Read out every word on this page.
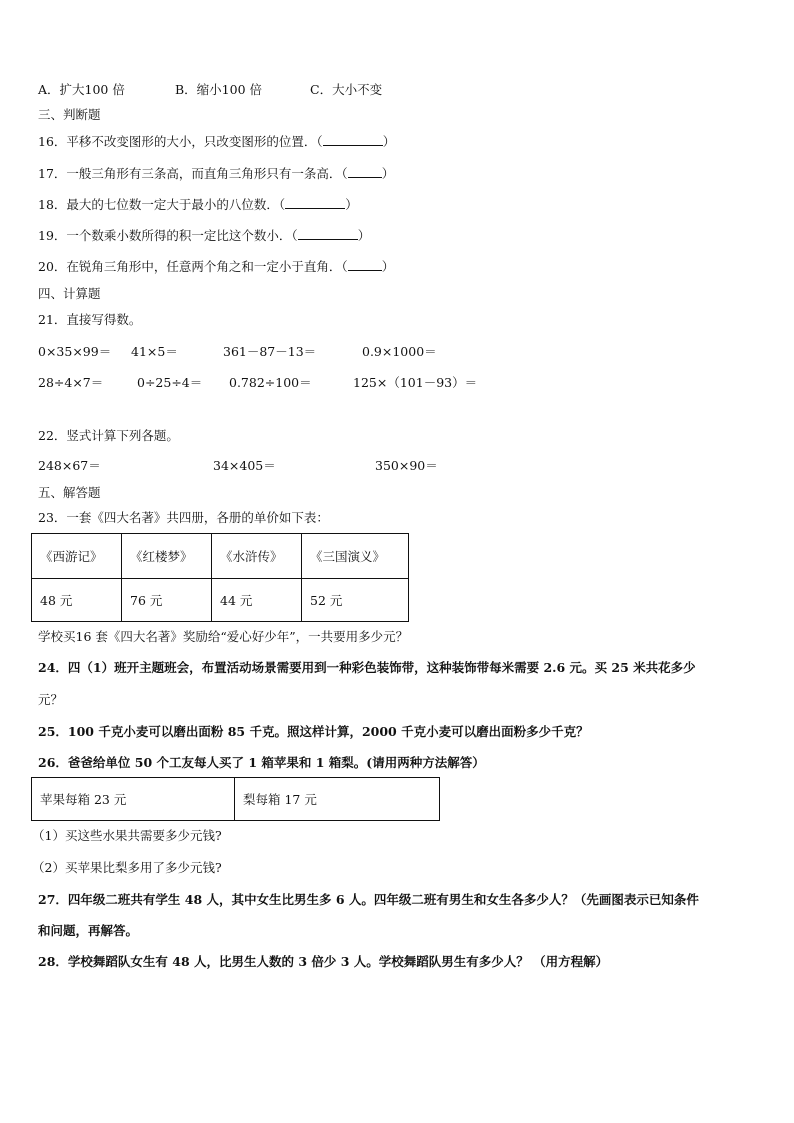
A．扩大100 倍	B．缩小100 倍	C．大小不变
三、判断题
16．平移不改变图形的大小，只改变图形的位置．（	）
17．一般三角形有三条高，而直角三角形只有一条高．（	）
18．最大的七位数一定大于最小的八位数．（	）
19．一个数乘小数所得的积一定比这个数小．（	）
20．在锐角三角形中，任意两个角之和一定小于直角．（	）
四、计算题
21．直接写得数。
0×35×99＝ 41×5＝	361－87－13＝	0.9×1000＝
28÷4×7＝	0÷25÷4＝ 0.782÷100＝	125×（101－93）＝
22．竖式计算下列各题。
248×67＝	34×405＝	350×90＝
五、解答题
23．一套《四大名著》共四册，各册的单价如下表：
《西游记》	《红楼梦》	《水浒传》	《三国演义》
48 元	76 元	44 元	52 元
学校买16 套《四大名著》奖励给“爱心好少年”，一共要用多少元？
24．四（1）班开主题班会，布置活动场景需要用到一种彩色装饰带，这种装饰带每米需要 2.6 元。买 25 米共花多少
元？
25．100 千克小麦可以磨出面粉 85 千克。照这样计算，2000 千克小麦可以磨出面粉多少千克？
26．爸爸给单位 50 个工友每人买了 1 箱苹果和 1 箱梨。(请用两种方法解答）
苹果每箱 23 元	梨每箱 17 元
（1）买这些水果共需要多少元钱?
（2）买苹果比梨多用了多少元钱?
27．四年级二班共有学生 48 人，其中女生比男生多 6 人。四年级二班有男生和女生各多少人？（先画图表示已知条件
和问题，再解答。
28．学校舞蹈队女生有 48 人，比男生人数的 3 倍少 3 人。学校舞蹈队男生有多少人？ （用方程解）
